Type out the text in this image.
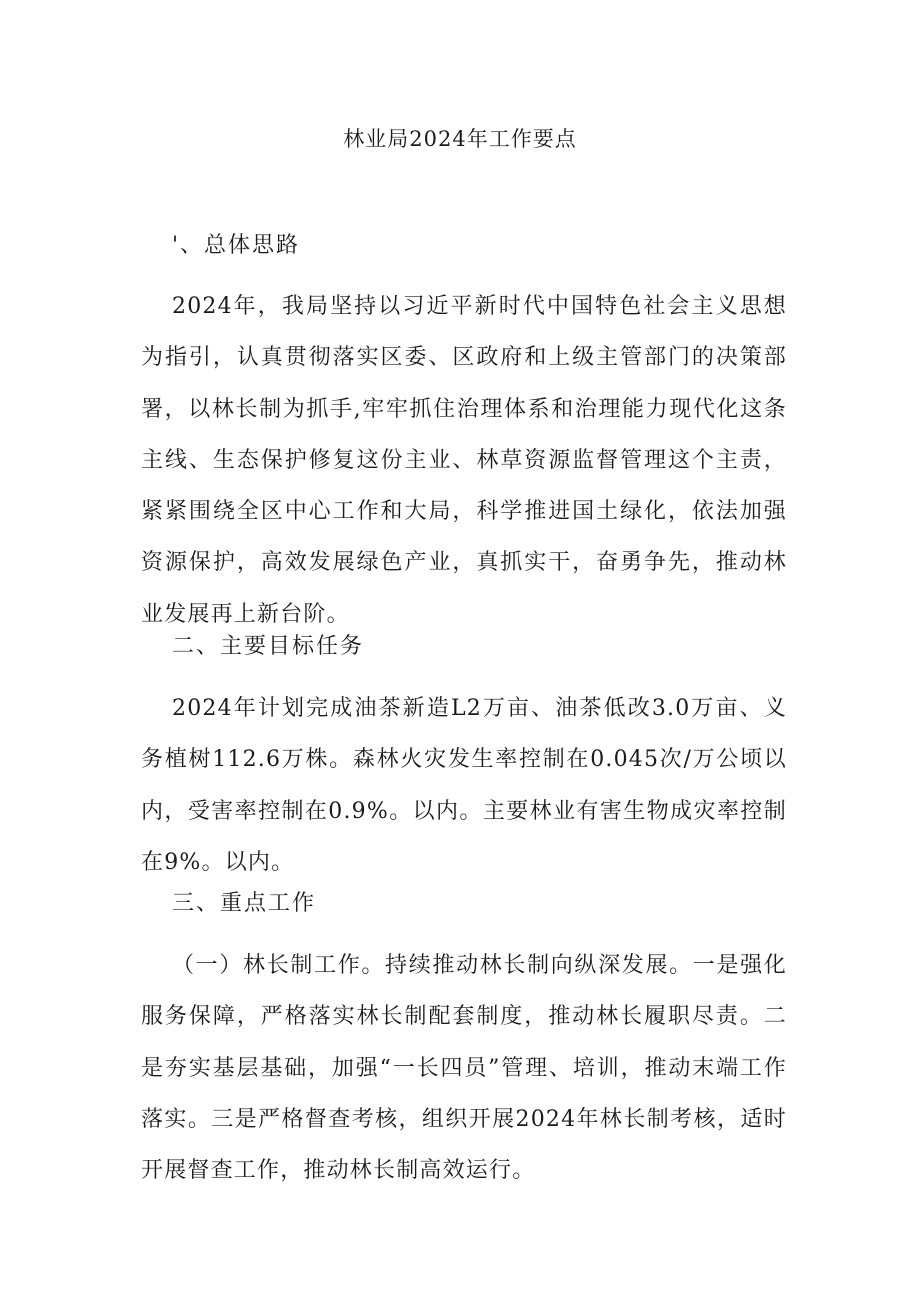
林业局2024年工作要点
'、总体思路

2024年，我局坚持以习近平新时代中国特色社会主义思想为指引，认真贯彻落实区委、区政府和上级主管部门的决策部署，以林长制为抓手,牢牢抓住治理体系和治理能力现代化这条主线、生态保护修复这份主业、林草资源监督管理这个主责，紧紧围绕全区中心工作和大局，科学推进国土绿化，依法加强资源保护，高效发展绿色产业，真抓实干，奋勇争先，推动林业发展再上新台阶。

二、主要目标任务

2024年计划完成油茶新造L2万亩、油茶低改3.0万亩、义务植树112.6万株。森林火灾发生率控制在0.045次/万公顷以内，受害率控制在0.9%。以内。主要林业有害生物成灾率控制在9%。以内。

三、重点工作

（一）林长制工作。持续推动林长制向纵深发展。一是强化服务保障，严格落实林长制配套制度，推动林长履职尽责。二是夯实基层基础，加强“一长四员”管理、培训，推动末端工作落实。三是严格督查考核，组织开展2024年林长制考核，适时开展督查工作，推动林长制高效运行。
